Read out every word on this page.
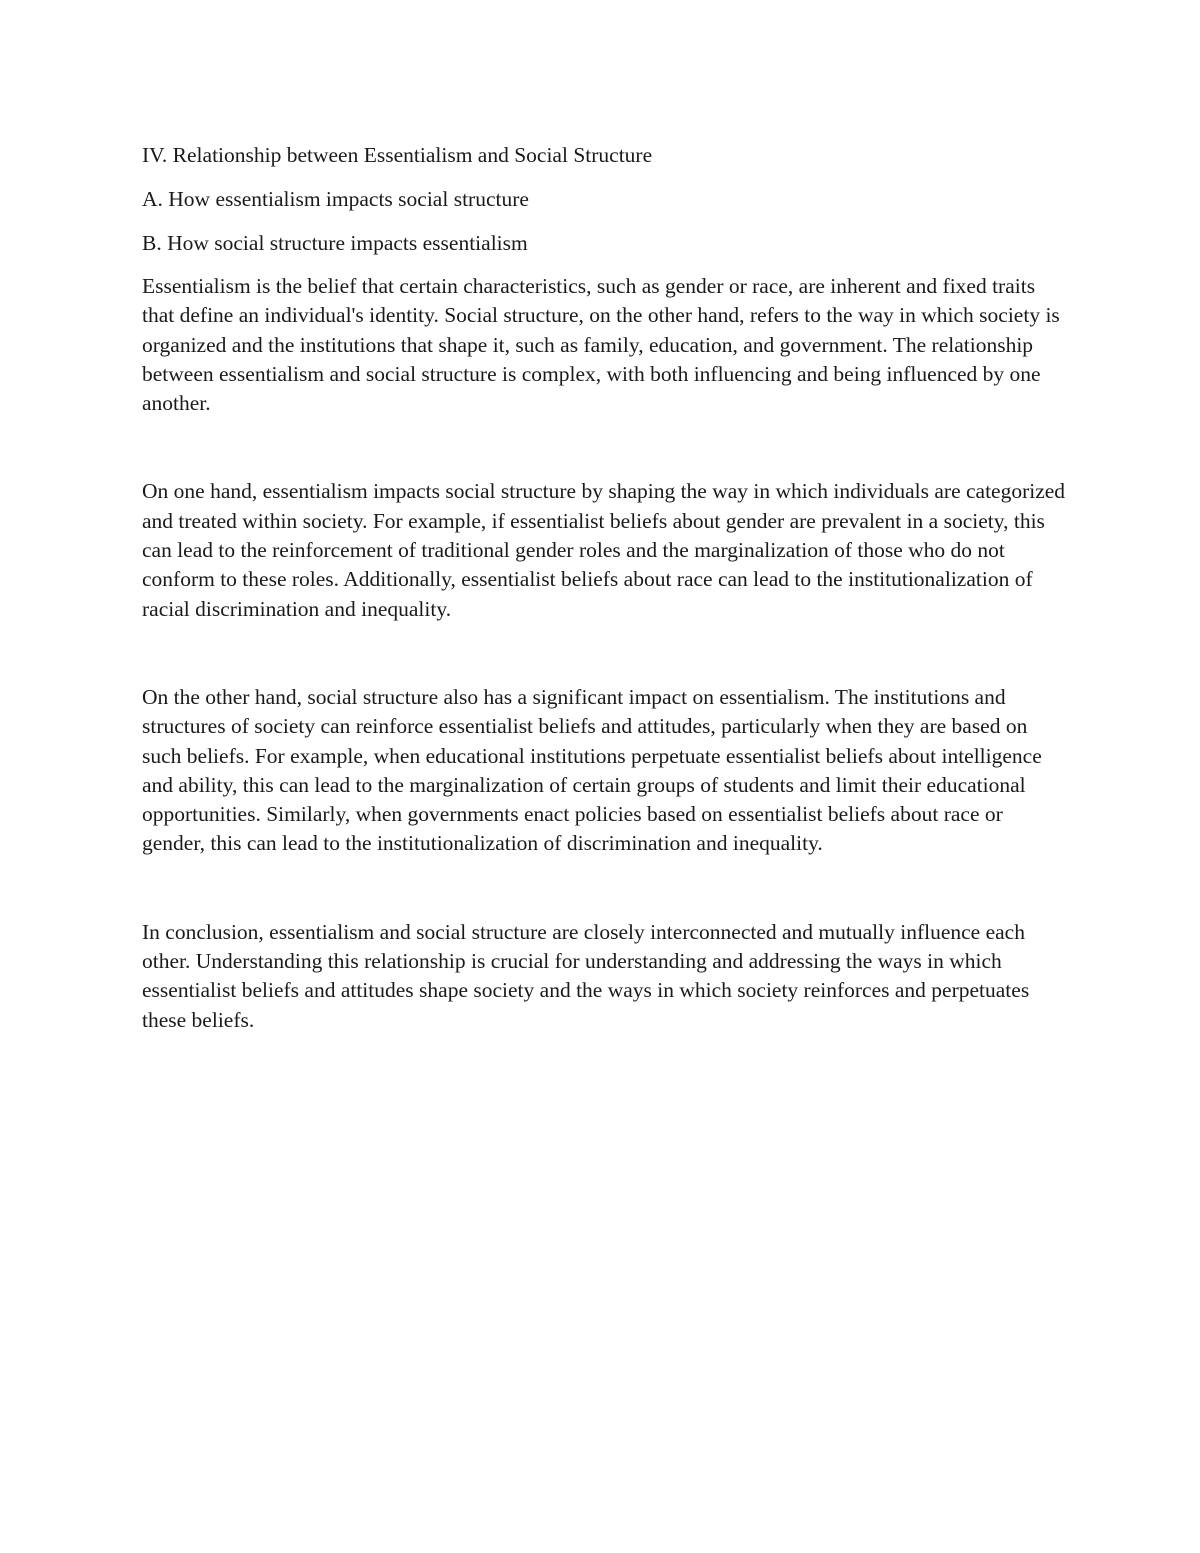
IV. Relationship between Essentialism and Social Structure

A. How essentialism impacts social structure

B. How social structure impacts essentialism

Essentialism is the belief that certain characteristics, such as gender or race, are inherent and fixed traits that define an individual's identity. Social structure, on the other hand, refers to the way in which society is organized and the institutions that shape it, such as family, education, and government. The relationship between essentialism and social structure is complex, with both influencing and being influenced by one another.

On one hand, essentialism impacts social structure by shaping the way in which individuals are categorized and treated within society. For example, if essentialist beliefs about gender are prevalent in a society, this can lead to the reinforcement of traditional gender roles and the marginalization of those who do not conform to these roles. Additionally, essentialist beliefs about race can lead to the institutionalization of racial discrimination and inequality.

On the other hand, social structure also has a significant impact on essentialism. The institutions and structures of society can reinforce essentialist beliefs and attitudes, particularly when they are based on such beliefs. For example, when educational institutions perpetuate essentialist beliefs about intelligence and ability, this can lead to the marginalization of certain groups of students and limit their educational opportunities. Similarly, when governments enact policies based on essentialist beliefs about race or gender, this can lead to the institutionalization of discrimination and inequality.

In conclusion, essentialism and social structure are closely interconnected and mutually influence each other. Understanding this relationship is crucial for understanding and addressing the ways in which essentialist beliefs and attitudes shape society and the ways in which society reinforces and perpetuates these beliefs.
